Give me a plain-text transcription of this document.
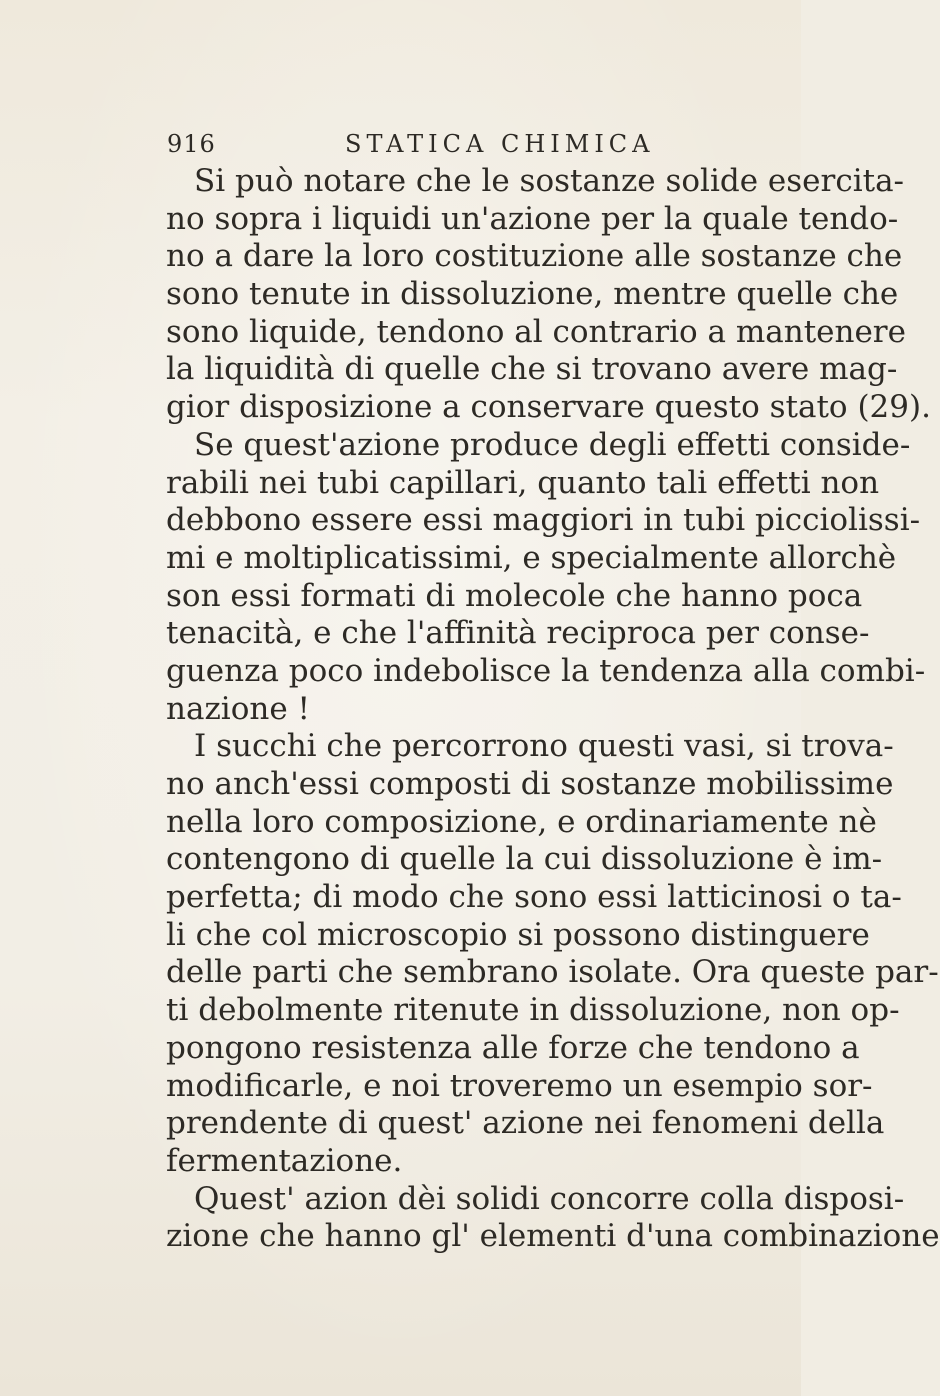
916	STATICA CHIMICA
Si può notare che le sostanze solide esercita-
no sopra i liquidi un'azione per la quale tendo-
no a dare la loro costituzione alle sostanze che
sono tenute in dissoluzione, mentre quelle che
sono liquide, tendono al contrario a mantenere
la liquidità di quelle che si trovano avere mag-
gior disposizione a conservare questo stato (29).
Se quest'azione produce degli effetti conside-
rabili nei tubi capillari, quanto tali effetti non
debbono essere essi maggiori in tubi picciolissi-
mi e moltiplicatissimi, e specialmente allorchè
son essi formati di molecole che hanno poca
tenacità, e che l'affinità reciproca per conse-
guenza poco indebolisce la tendenza alla combi-
nazione !
I succhi che percorrono questi vasi, si trova-
no anch'essi composti di sostanze mobilissime
nella loro composizione, e ordinariamente nè
contengono di quelle la cui dissoluzione è im-
perfetta; di modo che sono essi latticinosi o ta-
li che col microscopio si possono distinguere
delle parti che sembrano isolate. Ora queste par-
ti debolmente ritenute in dissoluzione, non op-
pongono resistenza alle forze che tendono a
modificarle, e noi troveremo un esempio sor-
prendente di quest' azione nei fenomeni della
fermentazione.
Quest' azion dèi solidi concorre colla disposi-
zione che hanno gl' elementi d'una combinazione
